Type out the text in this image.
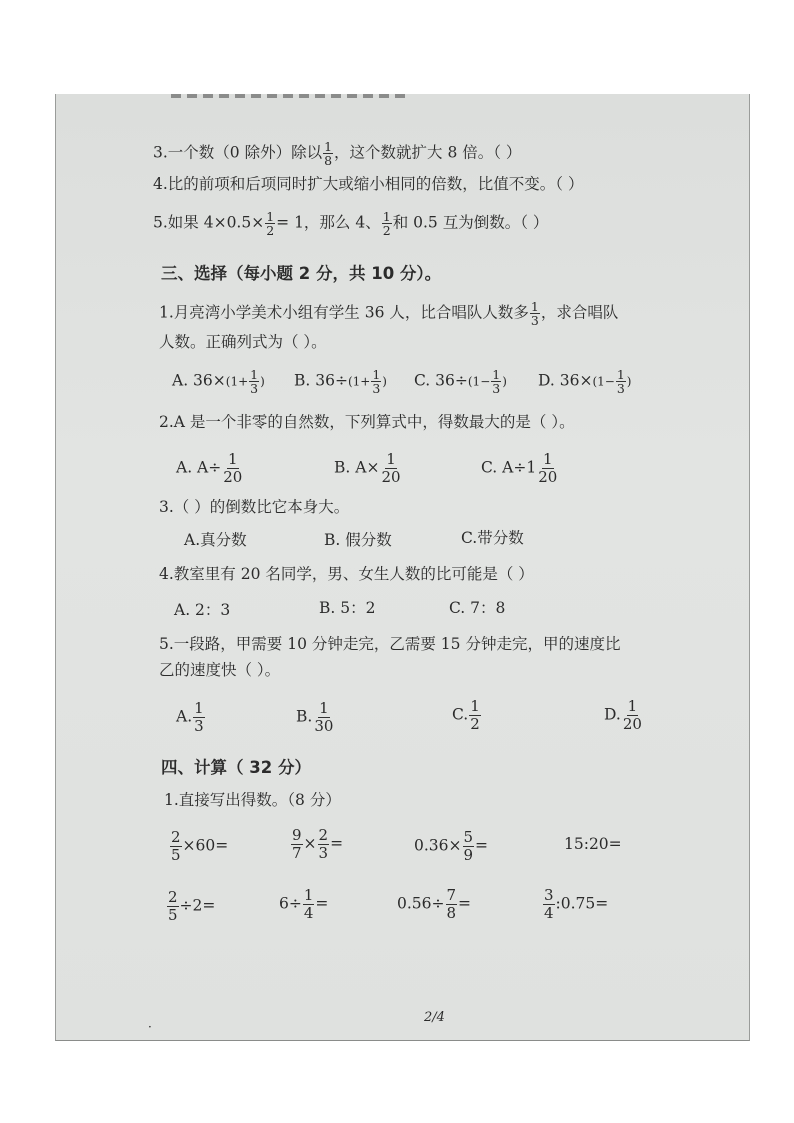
3.一个数（0 除外）除以 $\frac{1}{8}$ ，这个数就扩大 8 倍。（ ）
4.比的前项和后项同时扩大或缩小相同的倍数，比值不变。（ ）
5.如果 $4\times 0.5\times \frac{1}{2} = 1$，那么 4、 $\frac{1}{2}$ 和 0.5 互为倒数。（ ）
三、选择（每小题 2 分，共 10 分）。
1.月亮湾小学美术小组有学生 36 人，比合唱队人数多 $\frac{1}{3}$ ，求合唱队
人数。正确列式为（ ）。
A. $36\times(1+ \frac{1}{3}$ ) B. $36\div(1+ \frac{1}{3}$ ) C. $36\div(1- \frac{1}{3}$ ) D. $36\times(1- \frac{1}{3}$ )
2.A 是一个非零的自然数，下列算式中，得数最大的是（ ）。
A. $A\div \frac{1}{20}$	B. $A\times \frac{1}{20}$	C. $A\div 1 \frac{1}{20}$
3.（ ）的倒数比它本身大。
A.真分数	B. 假分数	C.带分数
4.教室里有 20 名同学，男、女生人数的比可能是（ ）
A. 2：3	B. 5：2	C. 7：8
5.一段路，甲需要 10 分钟走完，乙需要 15 分钟走完，甲的速度比
乙的速度快（ ）。
A. $\frac{1}{3}$	B. $\frac{1}{30}$	C. $\frac{1}{2}$	D. $\frac{1}{20}$
四、计算（ 32 分）
1.直接写出得数。（8 分）
$\frac{2}{5} \times 60=$	$\frac{9}{7} \times \frac{2}{3}$ =	$0.36\times \frac{5}{9}$ =	15:20=
$\frac{2}{5} \div 2=$	$6\div \frac{1}{4}$ =	$0.56\div \frac{7}{8}$ =	$\frac{3}{4}$ :0.75=
·
2/4
